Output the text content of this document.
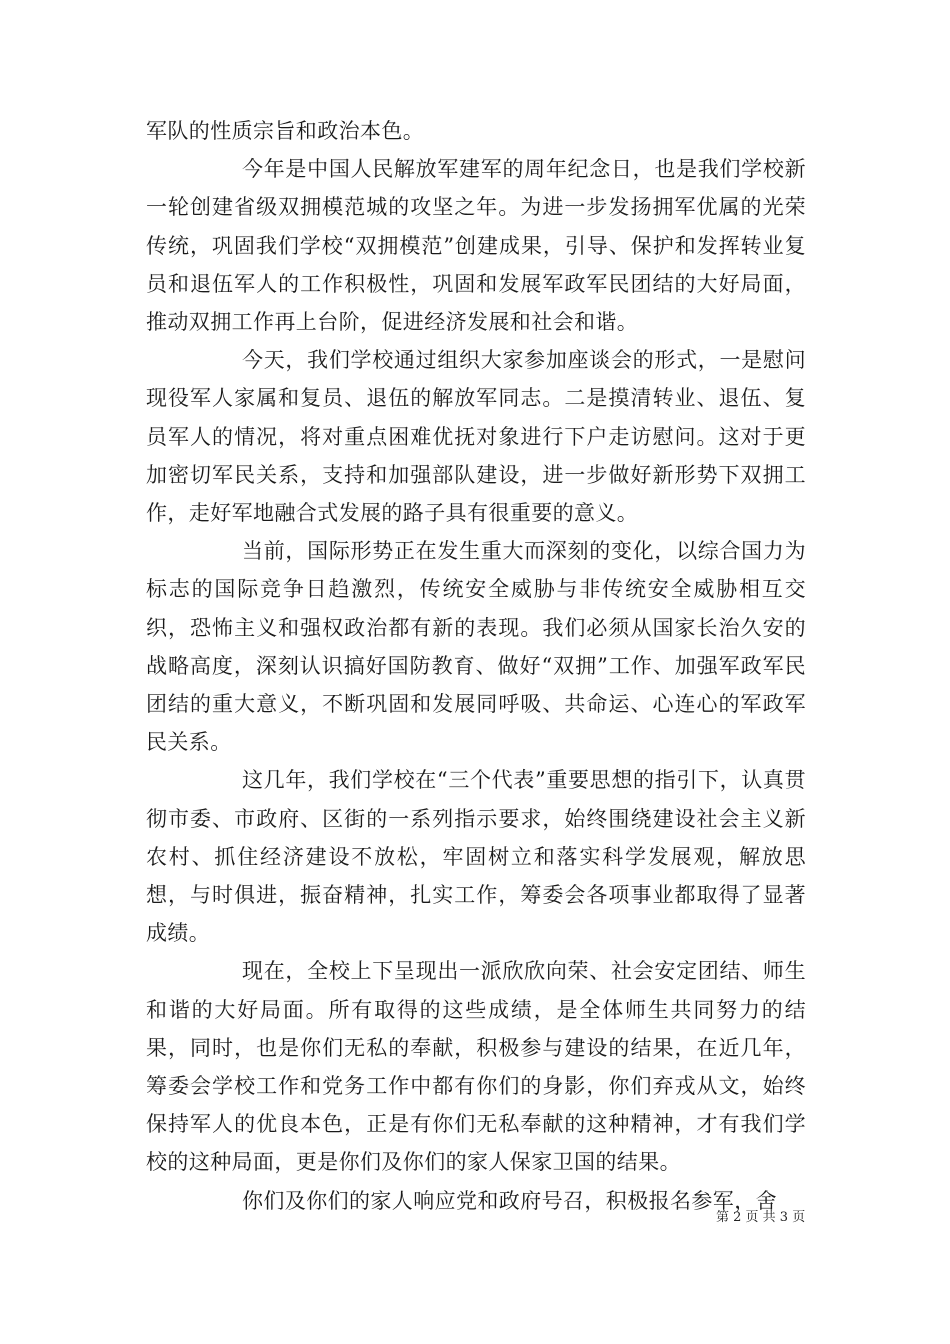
军队的性质宗旨和政治本色。

今年是中国人民解放军建军的周年纪念日，也是我们学校新一轮创建省级双拥模范城的攻坚之年。为进一步发扬拥军优属的光荣传统，巩固我们学校“双拥模范”创建成果，引导、保护和发挥转业复员和退伍军人的工作积极性，巩固和发展军政军民团结的大好局面，推动双拥工作再上台阶，促进经济发展和社会和谐。

今天，我们学校通过组织大家参加座谈会的形式，一是慰问现役军人家属和复员、退伍的解放军同志。二是摸清转业、退伍、复员军人的情况，将对重点困难优抚对象进行下户走访慰问。这对于更加密切军民关系，支持和加强部队建设，进一步做好新形势下双拥工作，走好军地融合式发展的路子具有很重要的意义。

当前，国际形势正在发生重大而深刻的变化，以综合国力为标志的国际竞争日趋激烈，传统安全威胁与非传统安全威胁相互交织，恐怖主义和强权政治都有新的表现。我们必须从国家长治久安的战略高度，深刻认识搞好国防教育、做好“双拥”工作、加强军政军民团结的重大意义，不断巩固和发展同呼吸、共命运、心连心的军政军民关系。

这几年，我们学校在“三个代表”重要思想的指引下，认真贯彻市委、市政府、区街的一系列指示要求，始终围绕建设社会主义新农村、抓住经济建设不放松，牢固树立和落实科学发展观，解放思想，与时俱进，振奋精神，扎实工作，筹委会各项事业都取得了显著成绩。

现在，全校上下呈现出一派欣欣向荣、社会安定团结、师生和谐的大好局面。所有取得的这些成绩，是全体师生共同努力的结果，同时，也是你们无私的奉献，积极参与建设的结果，在近几年，筹委会学校工作和党务工作中都有你们的身影，你们弃戎从文，始终保持军人的优良本色，正是有你们无私奉献的这种精神，才有我们学校的这种局面，更是你们及你们的家人保家卫国的结果。

你们及你们的家人响应党和政府号召，积极报名参军，舍

第 2 页 共 3 页
